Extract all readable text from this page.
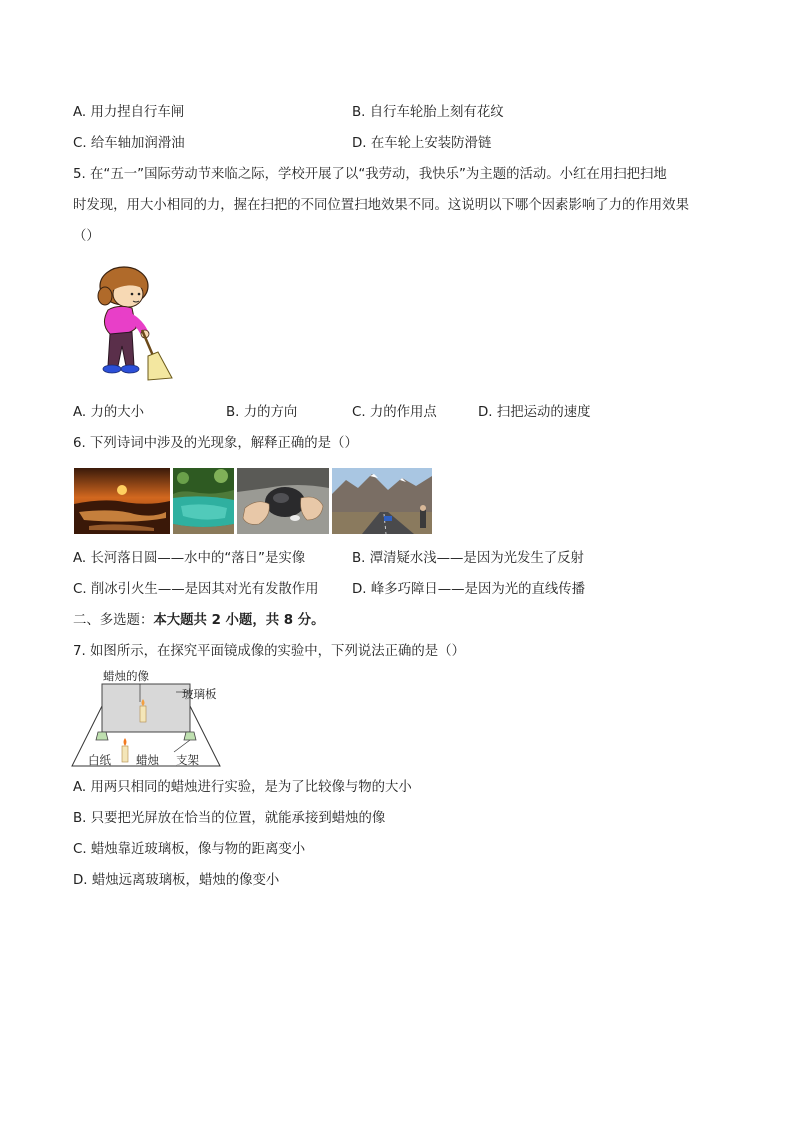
A. 用力捏自行车闸	B. 自行车轮胎上刻有花纹
C. 给车轴加润滑油	D. 在车轮上安装防滑链
5. 在“五一”国际劳动节来临之际，学校开展了以“我劳动，我快乐”为主题的活动。小红在用扫把扫地
时发现，用大小相同的力，握在扫把的不同位置扫地效果不同。这说明以下哪个因素影响了力的作用效果
（）
A. 力的大小	B. 力的方向	C. 力的作用点	D. 扫把运动的速度
6. 下列诗词中涉及的光现象，解释正确的是（）
A. 长河落日圆——水中的“落日”是实像	B. 潭清疑水浅——是因为光发生了反射
C. 削冰引火生——是因其对光有发散作用 D. 峰多巧障日——是因为光的直线传播
二、多选题：本大题共 2 小题，共 8 分。
7. 如图所示，在探究平面镜成像的实验中，下列说法正确的是（）
蜡烛的像
玻璃板
白纸 蜡烛 支架
A. 用两只相同的蜡烛进行实验，是为了比较像与物的大小
B. 只要把光屏放在恰当的位置，就能承接到蜡烛的像
C. 蜡烛靠近玻璃板，像与物的距离变小
D. 蜡烛远离玻璃板，蜡烛的像变小
